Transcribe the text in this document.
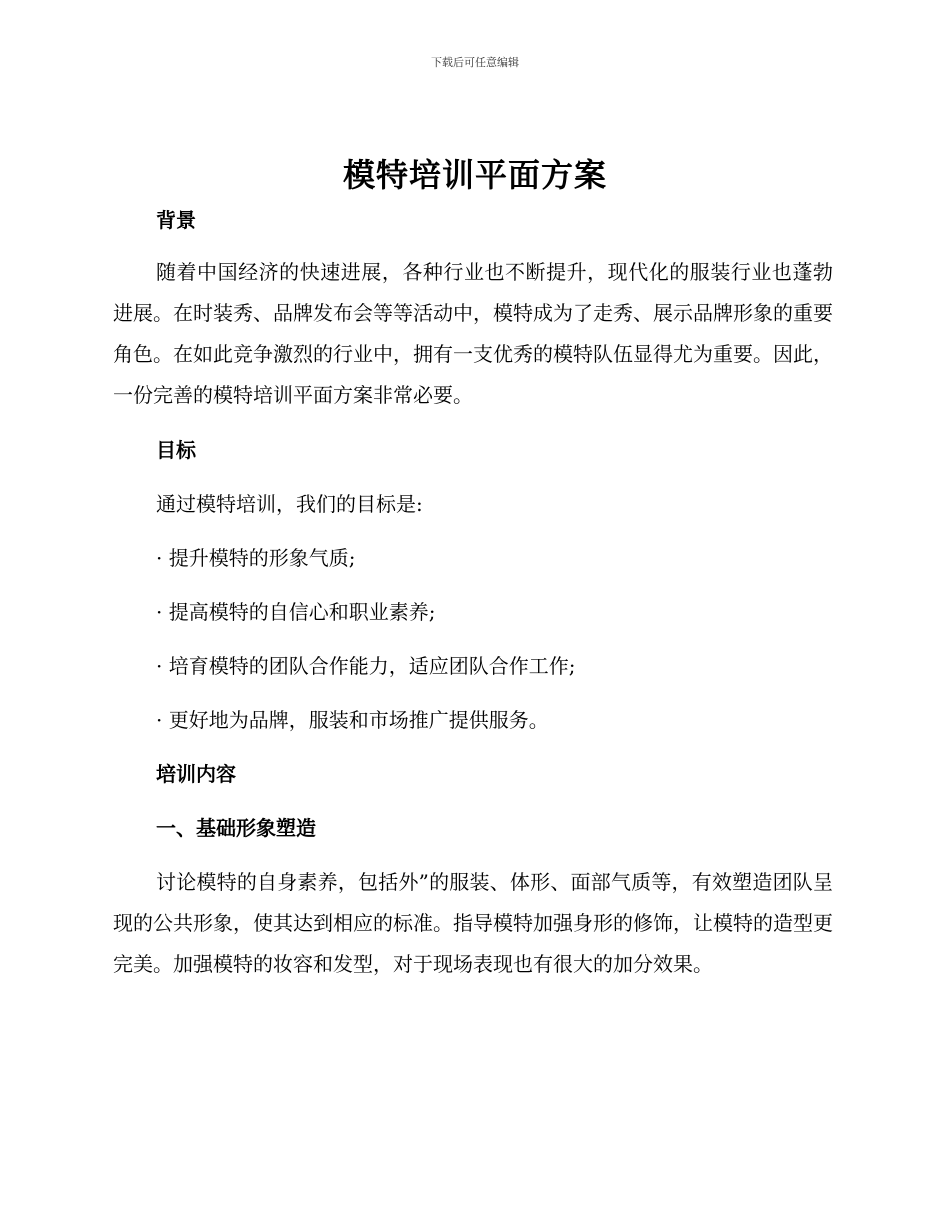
下载后可任意编辑
模特培训平面方案
背景

随着中国经济的快速进展，各种行业也不断提升，现代化的服装行业也蓬勃进展。在时装秀、品牌发布会等等活动中，模特成为了走秀、展示品牌形象的重要角色。在如此竞争激烈的行业中，拥有一支优秀的模特队伍显得尤为重要。因此，一份完善的模特培训平面方案非常必要。

目标
通过模特培训，我们的目标是:
· 提升模特的形象气质;
· 提高模特的自信心和职业素养;
· 培育模特的团队合作能力，适应团队合作工作;
· 更好地为品牌，服装和市场推广提供服务。
培训内容
一、基础形象塑造

讨论模特的自身素养，包括外”的服装、体形、面部气质等，有效塑造团队呈现的公共形象，使其达到相应的标准。指导模特加强身形的修饰，让模特的造型更完美。加强模特的妆容和发型，对于现场表现也有很大的加分效果。
